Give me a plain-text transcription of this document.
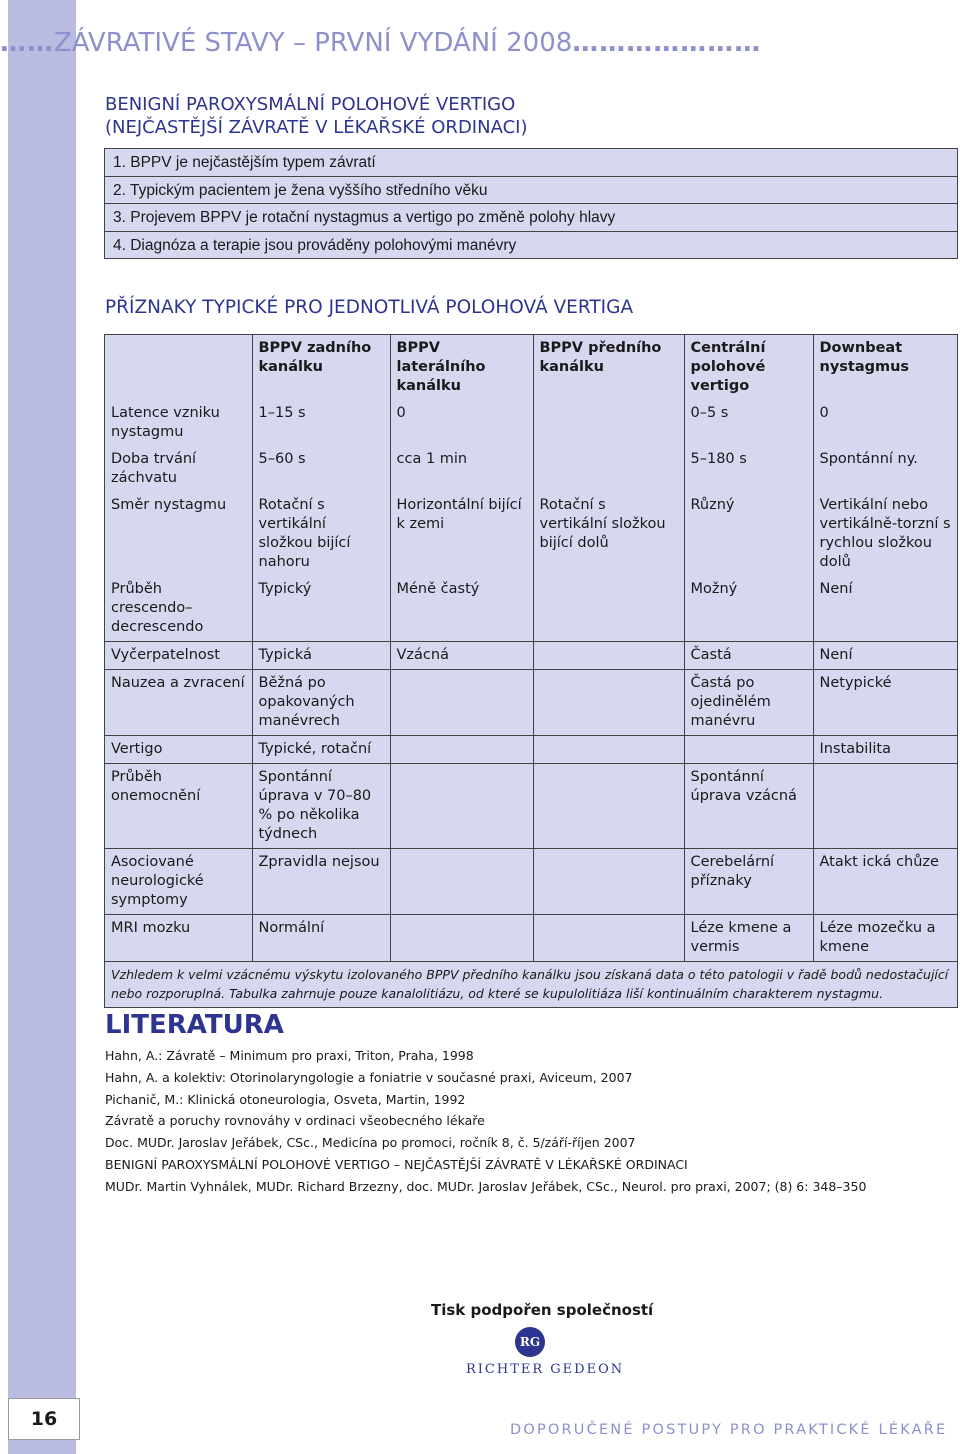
16
……ZÁVRATIVÉ STAVY – PRVNÍ VYDÁNÍ 2008…………………
BENIGNÍ PAROXYSMÁLNÍ POLOHOVÉ VERTIGO
(NEJČASTĚJŠÍ ZÁVRATĚ V LÉKAŘSKÉ ORDINACI)
1. BPPV je nejčastějším typem závratí
2. Typickým pacientem je žena vyššího středního věku
3. Projevem BPPV je rotační nystagmus a vertigo po změně polohy hlavy
4. Diagnóza a terapie jsou prováděny polohovými manévry
PŘÍZNAKY TYPICKÉ PRO JEDNOTLIVÁ POLOHOVÁ VERTIGA
	BPPV zadního kanálku	BPPV laterálního kanálku	BPPV předního kanálku	Centrální polohové vertigo	Downbeat nystagmus
Latence vzniku nystagmu	1–15 s	0		0–5 s	0
Doba trvání záchvatu	5–60 s	cca 1 min		5–180 s	Spontánní ny.
Směr nystagmu	Rotační s vertikální složkou bijící nahoru	Horizontální bijící k zemi	Rotační s vertikální složkou bijící dolů	Různý	Vertikální nebo vertikálně-torzní s rychlou složkou dolů
Průběh crescendo–decrescendo	Typický	Méně častý		Možný	Není
Vyčerpatelnost	Typická	Vzácná		Častá	Není
Nauzea a zvracení	Běžná po opakovaných manévrech			Častá po ojedinělém manévru	Netypické
Vertigo	Typické, rotační				Instabilita
Průběh onemocnění	Spontánní úprava v 70–80 % po několika týdnech			Spontánní úprava vzácná	
Asociované neurologické symptomy	Zpravidla nejsou			Cerebelární příznaky	Atakt ická chůze
MRI mozku	Normální			Léze kmene a vermis	Léze mozečku a kmene
Vzhledem k velmi vzácnému výskytu izolovaného BPPV předního kanálku jsou získaná data o této patologii v řadě bodů nedostačující nebo rozporuplná. Tabulka zahrnuje pouze kanalolitiázu, od které se kupulolitiáza liší kontinuálním charakterem nystagmu.
LITERATURA
Hahn, A.: Závratě – Minimum pro praxi, Triton, Praha, 1998
Hahn, A. a kolektiv: Otorinolaryngologie a foniatrie v současné praxi, Aviceum, 2007
Pichanič, M.: Klinická otoneurologia, Osveta, Martin, 1992
Závratě a poruchy rovnováhy v ordinaci všeobecného lékaře
Doc. MUDr. Jaroslav Jeřábek, CSc., Medicína po promoci, ročník 8, č. 5/září-říjen 2007
BENIGNÍ PAROXYSMÁLNÍ POLOHOVÉ VERTIGO – NEJČASTĚJŠÍ ZÁVRATĚ V LÉKAŘSKÉ ORDINACI
MUDr. Martin Vyhnálek, MUDr. Richard Brzezny, doc. MUDr. Jaroslav Jeřábek, CSc., Neurol. pro praxi, 2007; (8) 6: 348–350
Tisk podpořen společností
RG
RICHTER GEDEON
DOPORUČENÉ POSTUPY PRO PRAKTICKÉ LÉKAŘE
